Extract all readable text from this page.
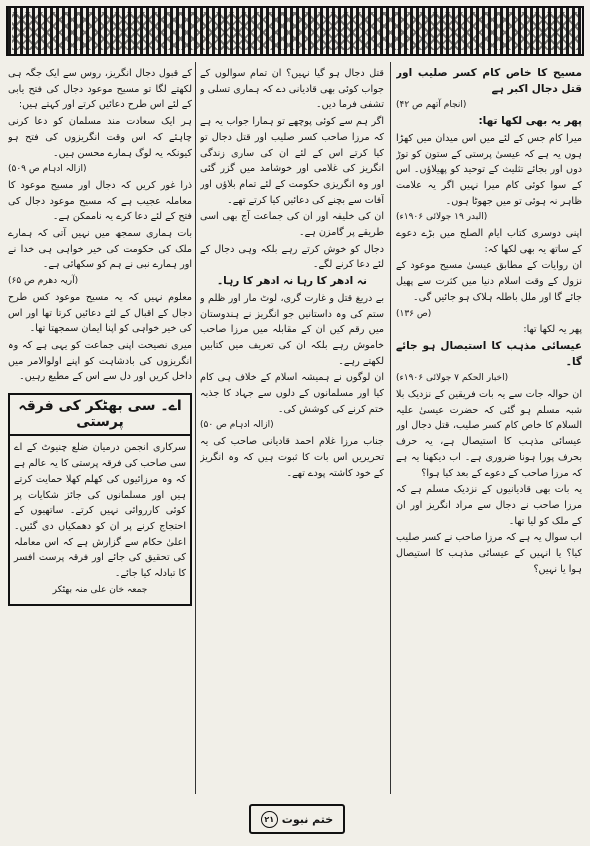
مسیح کا خاص کام کسر صلیب اور قتل دجال اکبر ہے

(انجام آتھم ص ۴۲)

پھر یہ بھی لکھا تھا:

میرا کام جس کے لئے میں اس میدان میں کھڑا ہوں یہ ہے کہ عیسیٰ پرستی کے ستون کو توڑ دوں اور بجائے تثلیث کے توحید کو پھیلاؤں۔ اس کے سوا کوئی کام میرا نہیں اگر یہ علامت ظاہر نہ ہوئی تو میں جھوٹا ہوں۔

(البدر ۱۹ جولائی ۱۹۰۶ء)

اپنی دوسری کتاب ایام الصلح میں بڑے دعوے کے ساتھ یہ بھی لکھا کہ:

ان روایات کے مطابق عیسیٰ مسیح موعود کے نزول کے وقت اسلام دنیا میں کثرت سے پھیل جائے گا اور ملل باطلہ ہلاک ہو جائیں گی۔

(ص ۱۳۶)

پھر یہ لکھا تھا:

عیسائی مذہب کا استیصال ہو جائے گا۔

(اخبار الحکم ۷ جولائی ۱۹۰۶ء)

ان حوالہ جات سے یہ بات فریقین کے نزدیک بلا شبہ مسلم ہو گئی کہ حضرت عیسیٰ علیہ السلام کا خاص کام کسر صلیب، قتل دجال اور عیسائی مذہب کا استیصال ہے، یہ حرف بحرف پورا ہونا ضروری ہے۔ اب دیکھنا یہ ہے کہ مرزا صاحب کے دعوے کے بعد کیا ہوا؟

یہ بات بھی قادیانیوں کے نزدیک مسلم ہے کہ مرزا صاحب نے دجال سے مراد انگریز اور ان کے ملک کو لیا تھا۔

اب سوال یہ ہے کہ مرزا صاحب نے کسر صلیب کیا؟ یا انہیں کے عیسائی مذہب کا استیصال ہوا یا نہیں؟

قتل دجال ہو گیا نہیں؟ ان تمام سوالوں کے جواب کوئی بھی قادیانی دے کہ ہماری تسلی و تشفی فرما دیں۔

اگر ہم سے کوئی پوچھے تو ہمارا جواب یہ ہے کہ مرزا صاحب کسر صلیب اور قتل دجال تو کیا کرتے اس کے لئے ان کی ساری زندگی انگریز کی غلامی اور خوشامد میں گزر گئی اور وہ انگریزی حکومت کے لئے تمام بلاؤں اور آفات سے بچنے کی دعائیں کیا کرتے تھے۔

ان کی خلیفہ اور ان کی جماعت آج بھی اسی طریقے پر گامزن ہے۔

دجال کو خوش کرتے رہے بلکہ وہی دجال کے لئے دعا کرنے لگے۔

نہ ادھر کا رہا نہ ادھر کا رہا۔

بے دریغ قتل و غارت گری، لوٹ مار اور ظلم و ستم کی وہ داستانیں جو انگریز نے ہندوستان میں رقم کیں ان کے مقابلہ میں مرزا صاحب خاموش رہے بلکہ ان کی تعریف میں کتابیں لکھتے رہے۔

ان لوگوں نے ہمیشہ اسلام کے خلاف ہی کام کیا اور مسلمانوں کے دلوں سے جہاد کا جذبہ ختم کرنے کی کوشش کی۔

(ازالہ ادہام ص ۵۰)

جناب مرزا غلام احمد قادیانی صاحب کی یہ تحریریں اس بات کا ثبوت ہیں کہ وہ انگریز کے خود کاشتہ پودے تھے۔

کے قبول دجال انگریز، روس سے ایک جگہ ہی لکھتے لگا تو مسیح موعود دجال کی فتح یابی کے لئے اس طرح دعائیں کرتے اور کہتے ہیں:

ہر ایک سعادت مند مسلمان کو دعا کرنی چاہئے کہ اس وقت انگریزوں کی فتح ہو کیونکہ یہ لوگ ہمارے محسن ہیں۔

(ازالہ ادہام ص ۵۰۹)

ذرا غور کریں کہ دجال اور مسیح موعود کا معاملہ عجیب ہے کہ مسیح موعود دجال کی فتح کے لئے دعا کرے یہ ناممکن ہے۔

بات ہماری سمجھ میں نہیں آتی کہ ہمارے ملک کی حکومت کی خیر خواہی ہی خدا نے اور ہمارے نبی نے ہم کو سکھائی ہے۔

(آریہ دھرم ص ۶۵)

معلوم نہیں کہ یہ مسیح موعود کس طرح دجال کے اقبال کے لئے دعائیں کرتا تھا اور اس کی خیر خواہی کو اپنا ایمان سمجھتا تھا۔

میری نصیحت اپنی جماعت کو یہی ہے کہ وہ انگریزوں کی بادشاہت کو اپنے اولوالامر میں داخل کریں اور دل سے اس کے مطیع رہیں۔

اے۔ سی بھٹکر کی فرقہ پرستی

سرکاری انجمن درمیان ضلع چنیوٹ کے اے سی صاحب کی فرقہ پرستی کا یہ عالم ہے کہ وہ مرزائیوں کی کھلم کھلا حمایت کرتے ہیں اور مسلمانوں کی جائز شکایات پر کوئی کارروائی نہیں کرتے۔ ساتھیوں کے احتجاج کرنے پر ان کو دھمکیاں دی گئیں۔ اعلیٰ حکام سے گزارش ہے کہ اس معاملہ کی تحقیق کی جائے اور فرقہ پرست افسر کا تبادلہ کیا جائے۔

جمعہ خان علی منہ بھٹکر

ختم نبوت
۲۱
